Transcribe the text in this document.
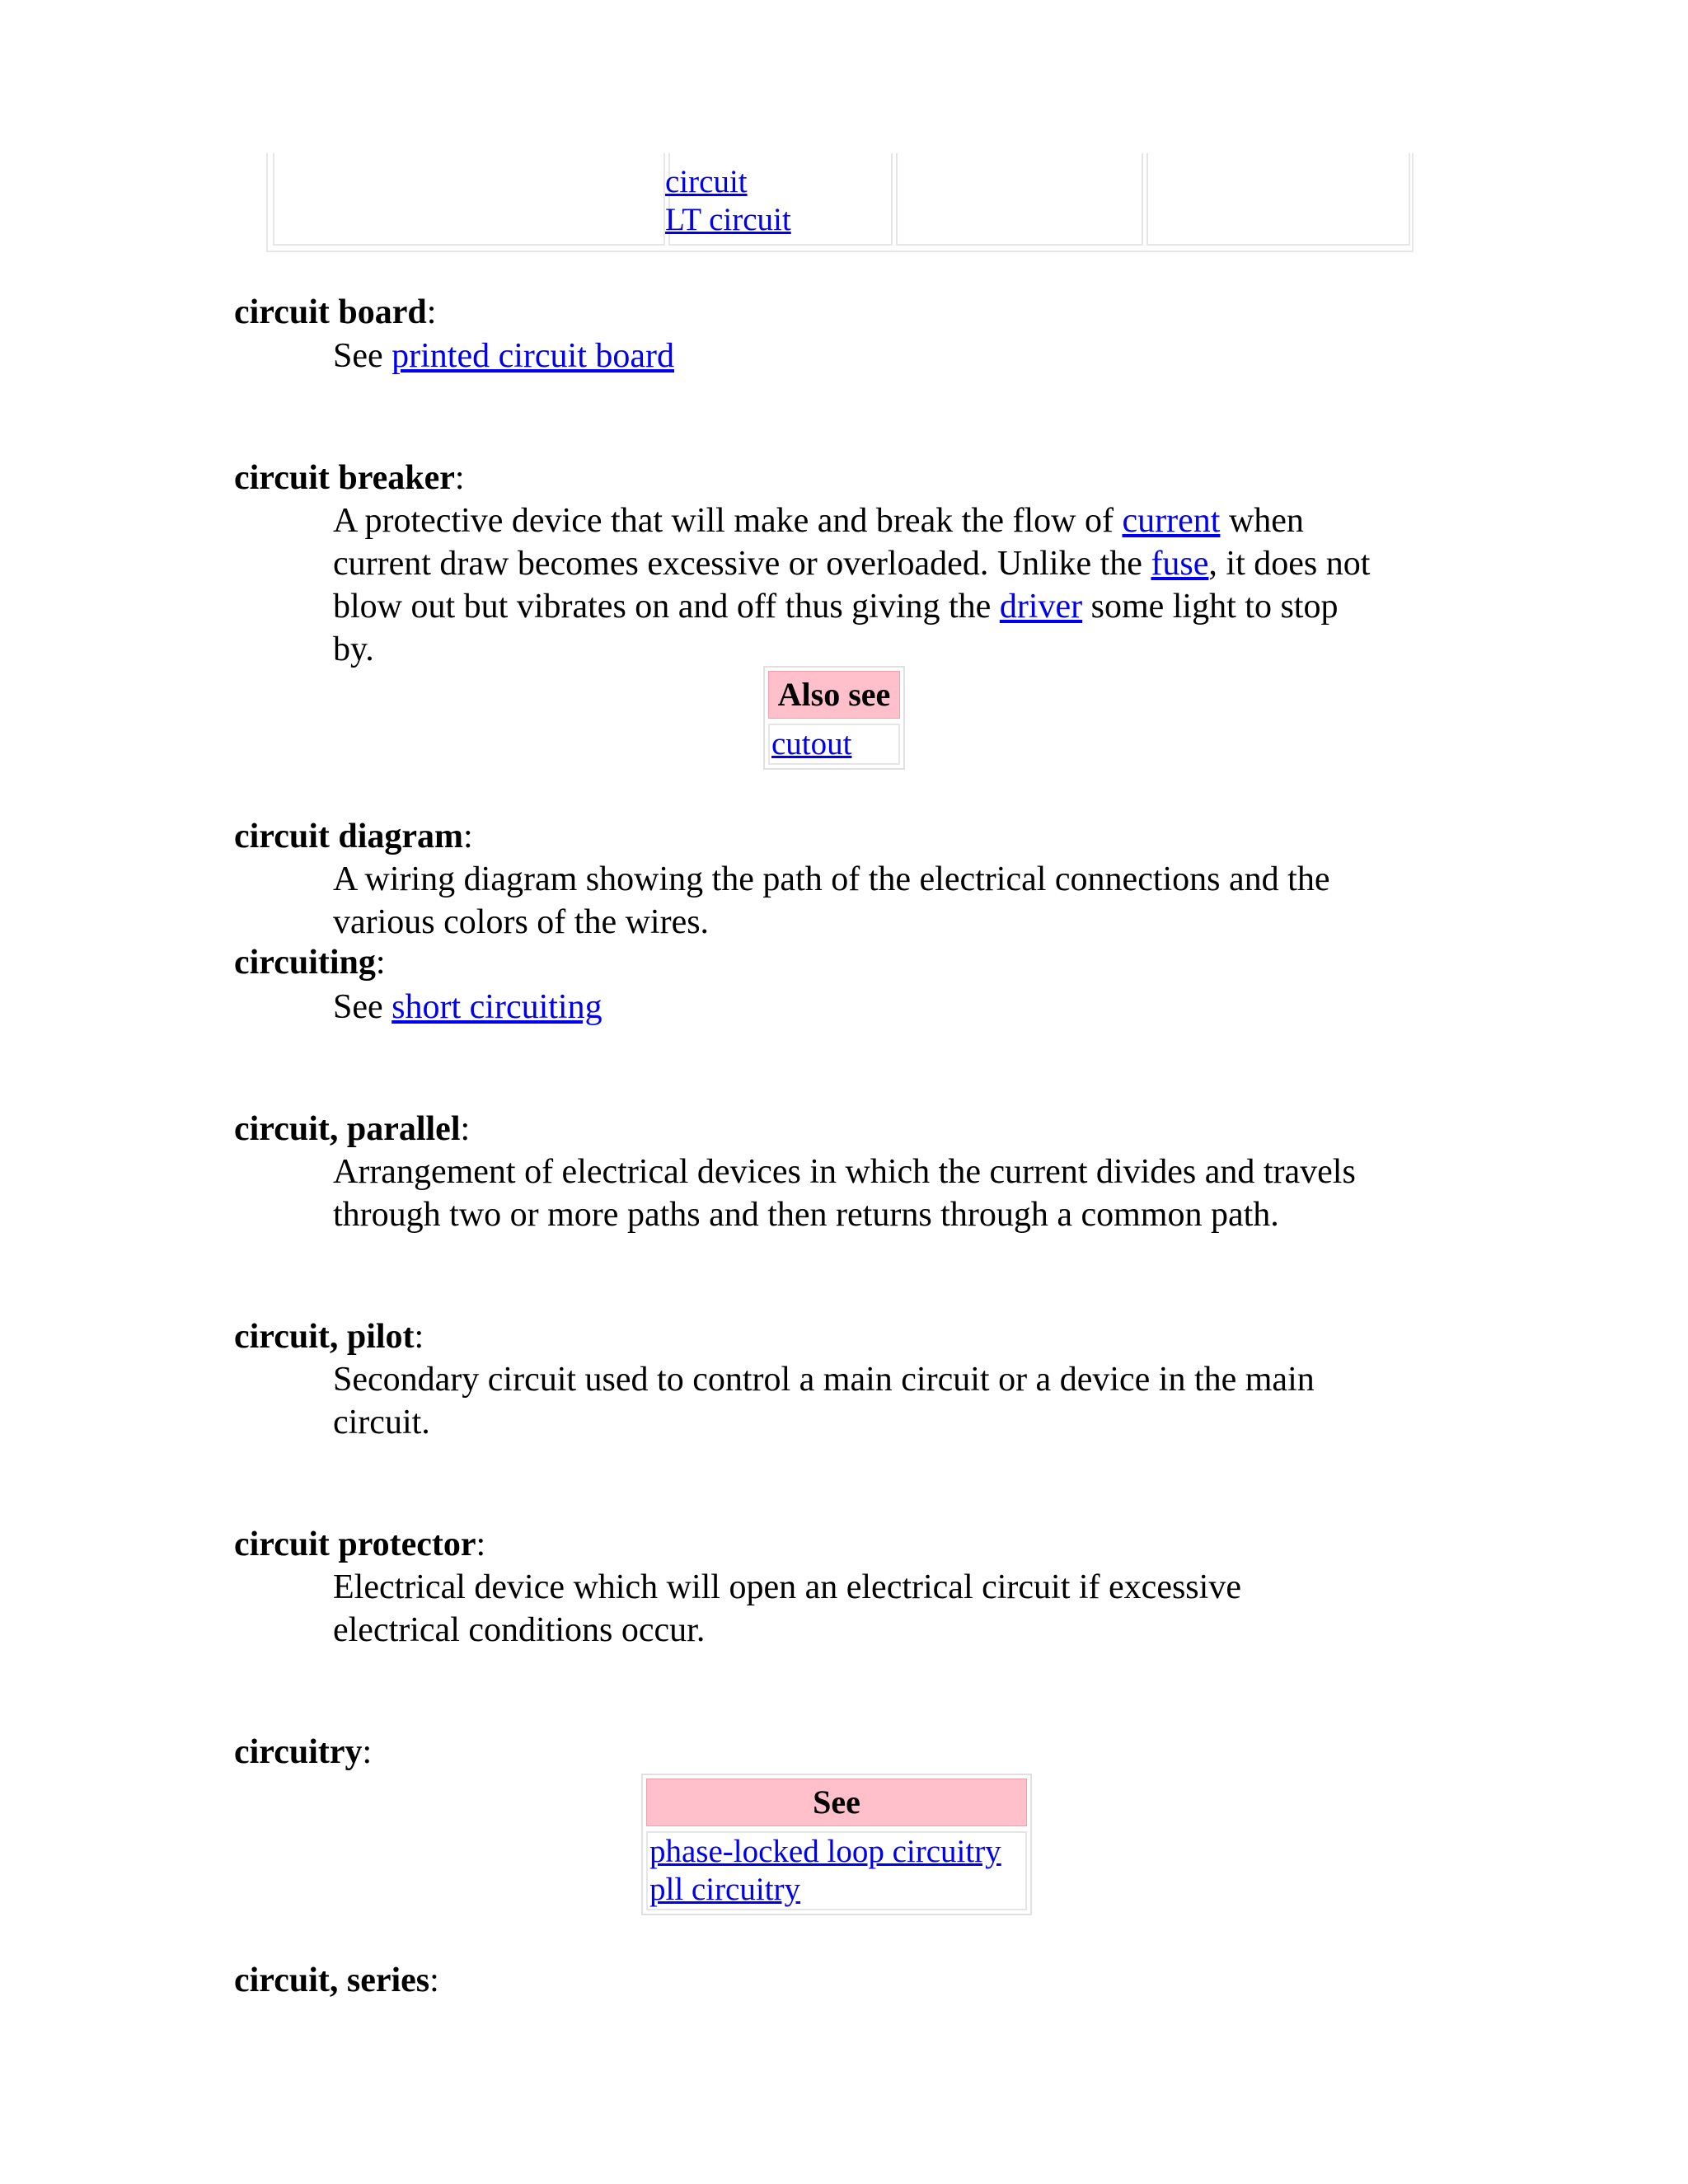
circuit
LT circuit
circuit board:
See printed circuit board
circuit breaker:
A protective device that will make and break the flow of current when
current draw becomes excessive or overloaded. Unlike the fuse, it does not
blow out but vibrates on and off thus giving the driver some light to stop
by.
Also see
cutout
circuit diagram:
A wiring diagram showing the path of the electrical connections and the
various colors of the wires.
circuiting:
See short circuiting
circuit, parallel:
Arrangement of electrical devices in which the current divides and travels
through two or more paths and then returns through a common path.
circuit, pilot:
Secondary circuit used to control a main circuit or a device in the main
circuit.
circuit protector:
Electrical device which will open an electrical circuit if excessive
electrical conditions occur.
circuitry:
See
phase-locked loop circuitry
pll circuitry
circuit, series:
